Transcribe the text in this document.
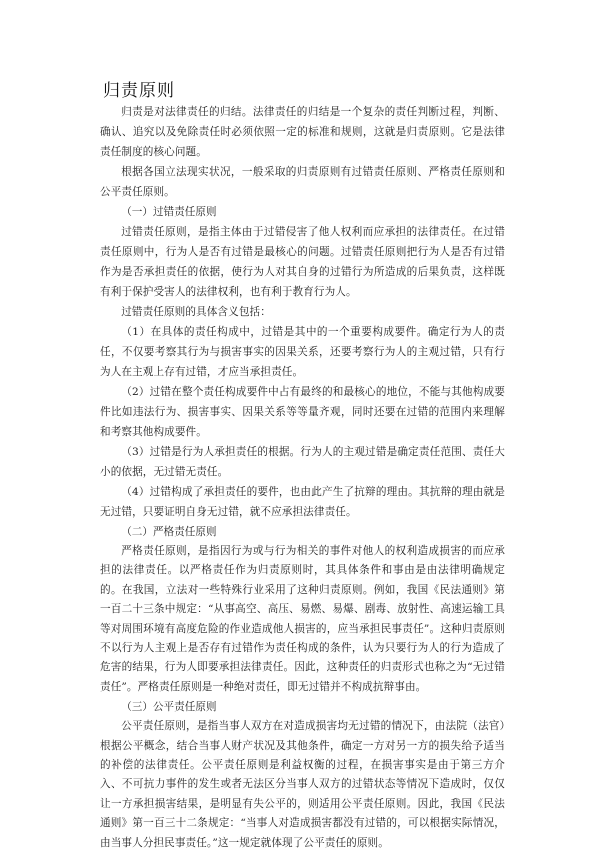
归责原则

归责是对法律责任的归结。法律责任的归结是一个复杂的责任判断过程，判断、确认、追究以及免除责任时必须依照一定的标准和规则，这就是归责原则。它是法律责任制度的核心问题。

根据各国立法现实状况，一般采取的归责原则有过错责任原则、严格责任原则和公平责任原则。

（一）过错责任原则

过错责任原则，是指主体由于过错侵害了他人权利而应承担的法律责任。在过错责任原则中，行为人是否有过错是最核心的问题。过错责任原则把行为人是否有过错作为是否承担责任的依据，使行为人对其自身的过错行为所造成的后果负责，这样既有利于保护受害人的法律权利，也有利于教育行为人。

过错责任原则的具体含义包括：

（1）在具体的责任构成中，过错是其中的一个重要构成要件。确定行为人的责任，不仅要考察其行为与损害事实的因果关系，还要考察行为人的主观过错，只有行为人在主观上存有过错，才应当承担责任。

（2）过错在整个责任构成要件中占有最终的和最核心的地位，不能与其他构成要件比如违法行为、损害事实、因果关系等等量齐观，同时还要在过错的范围内来理解和考察其他构成要件。

（3）过错是行为人承担责任的根据。行为人的主观过错是确定责任范围、责任大小的依据，无过错无责任。

（4）过错构成了承担责任的要件，也由此产生了抗辩的理由。其抗辩的理由就是无过错，只要证明自身无过错，就不应承担法律责任。

（二）严格责任原则

严格责任原则，是指因行为或与行为相关的事件对他人的权利造成损害的而应承担的法律责任。以严格责任作为归责原则时，其具体条件和事由是由法律明确规定的。在我国，立法对一些特殊行业采用了这种归责原则。例如，我国《民法通则》第一百二十三条中规定：“从事高空、高压、易燃、易爆、剧毒、放射性、高速运输工具等对周围环境有高度危险的作业造成他人损害的，应当承担民事责任”。这种归责原则不以行为人主观上是否存有过错作为责任构成的条件，认为只要行为人的行为造成了危害的结果，行为人即要承担法律责任。因此，这种责任的归责形式也称之为“无过错责任”。严格责任原则是一种绝对责任，即无过错并不构成抗辩事由。

（三）公平责任原则

公平责任原则，是指当事人双方在对造成损害均无过错的情况下，由法院（法官）根据公平概念，结合当事人财产状况及其他条件，确定一方对另一方的损失给予适当的补偿的法律责任。公平责任原则是利益权衡的过程，在损害事实是由于第三方介入、不可抗力事件的发生或者无法区分当事人双方的过错状态等情况下造成时，仅仅让一方承担损害结果，是明显有失公平的，则适用公平责任原则。因此，我国《民法通则》第一百三十二条规定：“当事人对造成损害都没有过错的，可以根据实际情况，由当事人分担民事责任。”这一规定就体现了公平责任的原则。
